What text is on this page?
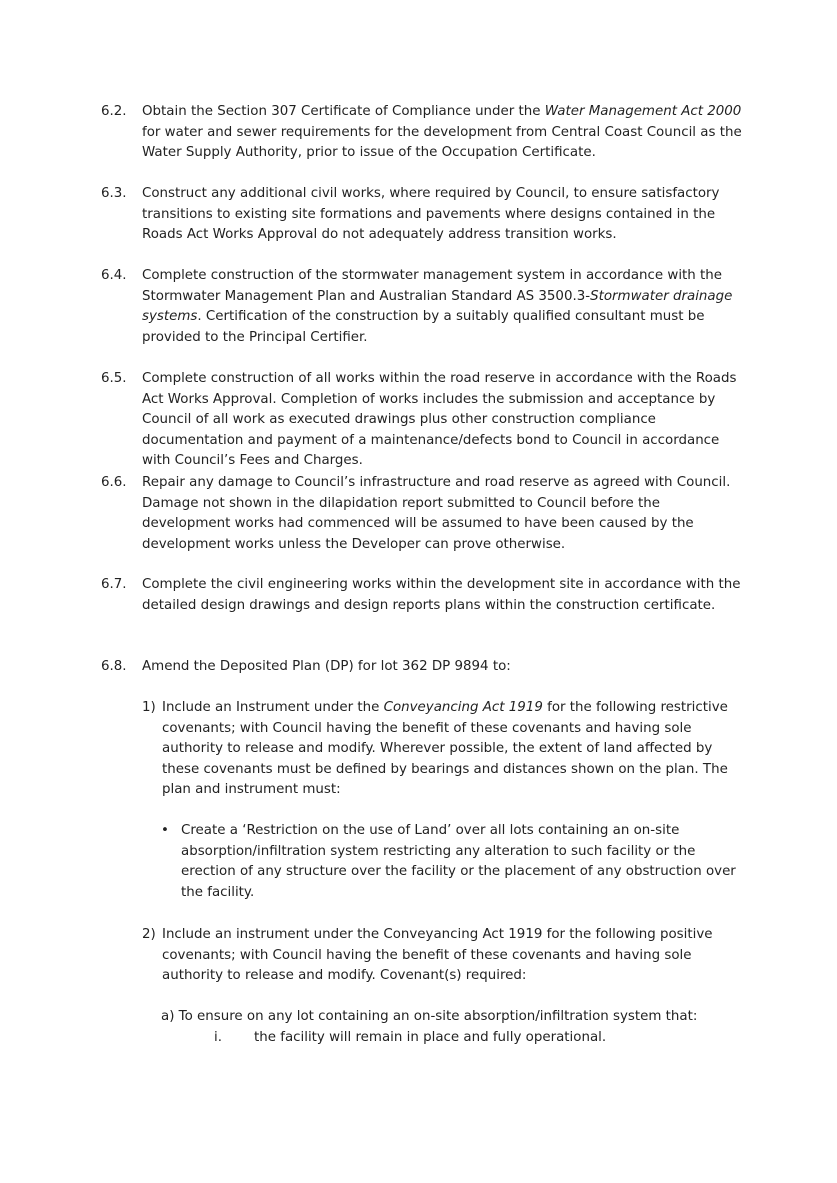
6.2. Obtain the Section 307 Certificate of Compliance under the Water Management Act 2000 for water and sewer requirements for the development from Central Coast Council as the Water Supply Authority, prior to issue of the Occupation Certificate.
6.3. Construct any additional civil works, where required by Council, to ensure satisfactory transitions to existing site formations and pavements where designs contained in the Roads Act Works Approval do not adequately address transition works.
6.4. Complete construction of the stormwater management system in accordance with the Stormwater Management Plan and Australian Standard AS 3500.3-Stormwater drainage systems. Certification of the construction by a suitably qualified consultant must be provided to the Principal Certifier.
6.5. Complete construction of all works within the road reserve in accordance with the Roads Act Works Approval. Completion of works includes the submission and acceptance by Council of all work as executed drawings plus other construction compliance documentation and payment of a maintenance/defects bond to Council in accordance with Council’s Fees and Charges.
6.6. Repair any damage to Council’s infrastructure and road reserve as agreed with Council. Damage not shown in the dilapidation report submitted to Council before the development works had commenced will be assumed to have been caused by the development works unless the Developer can prove otherwise.
6.7. Complete the civil engineering works within the development site in accordance with the detailed design drawings and design reports plans within the construction certificate.
6.8. Amend the Deposited Plan (DP) for lot 362 DP 9894 to:
1) Include an Instrument under the Conveyancing Act 1919 for the following restrictive covenants; with Council having the benefit of these covenants and having sole authority to release and modify. Wherever possible, the extent of land affected by these covenants must be defined by bearings and distances shown on the plan. The plan and instrument must:
• Create a ‘Restriction on the use of Land’ over all lots containing an on-site absorption/infiltration system restricting any alteration to such facility or the erection of any structure over the facility or the placement of any obstruction over the facility.
2) Include an instrument under the Conveyancing Act 1919 for the following positive covenants; with Council having the benefit of these covenants and having sole authority to release and modify. Covenant(s) required:
a) To ensure on any lot containing an on-site absorption/infiltration system that:
i. the facility will remain in place and fully operational.
